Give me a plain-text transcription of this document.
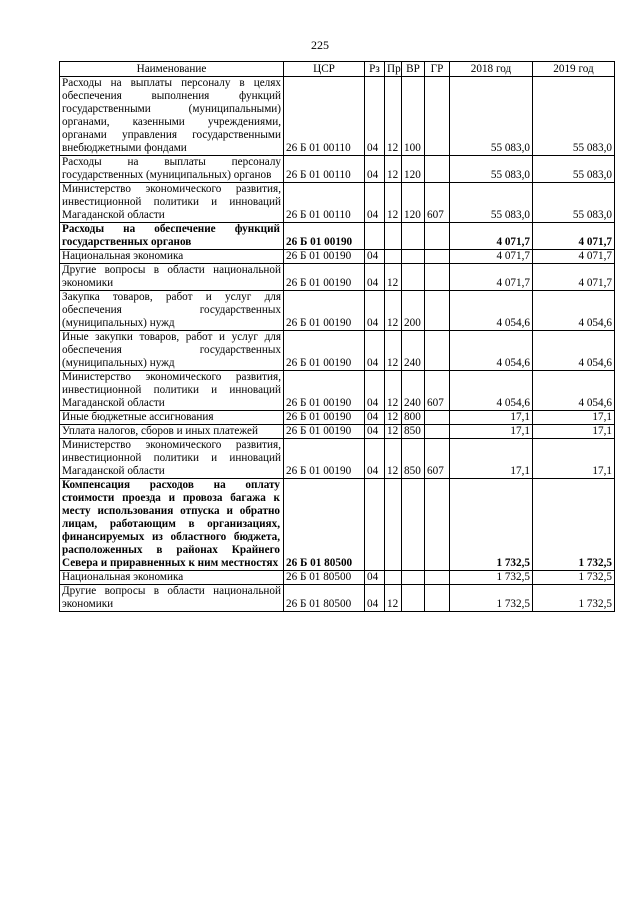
225
Наименование	ЦСР	Рз	Пр	ВР	ГР	2018 год	2019 год
Расходы на выплаты персоналу в целях обеспечения выполнения функций государственными (муниципальными) органами, казенными учреждениями, органами управления государственными внебюджетными фондами	26 Б 01 00110	04	12	100		55 083,0	55 083,0
Расходы на выплаты персоналу государственных (муниципальных) органов	26 Б 01 00110	04	12	120		55 083,0	55 083,0
Министерство экономического развития, инвестиционной политики и инноваций Магаданской области	26 Б 01 00110	04	12	120	607	55 083,0	55 083,0
Расходы на обеспечение функций государственных органов	26 Б 01 00190					4 071,7	4 071,7
Национальная экономика	26 Б 01 00190	04				4 071,7	4 071,7
Другие вопросы в области национальной экономики	26 Б 01 00190	04	12			4 071,7	4 071,7
Закупка товаров, работ и услуг для обеспечения государственных (муниципальных) нужд	26 Б 01 00190	04	12	200		4 054,6	4 054,6
Иные закупки товаров, работ и услуг для обеспечения государственных (муниципальных) нужд	26 Б 01 00190	04	12	240		4 054,6	4 054,6
Министерство экономического развития, инвестиционной политики и инноваций Магаданской области	26 Б 01 00190	04	12	240	607	4 054,6	4 054,6
Иные бюджетные ассигнования	26 Б 01 00190	04	12	800		17,1	17,1
Уплата налогов, сборов и иных платежей	26 Б 01 00190	04	12	850		17,1	17,1
Министерство экономического развития, инвестиционной политики и инноваций Магаданской области	26 Б 01 00190	04	12	850	607	17,1	17,1
Компенсация расходов на оплату стоимости проезда и провоза багажа к месту использования отпуска и обратно лицам, работающим в организациях, финансируемых из областного бюджета, расположенных в районах Крайнего Севера и приравненных к ним местностях	26 Б 01 80500					1 732,5	1 732,5
Национальная экономика	26 Б 01 80500	04				1 732,5	1 732,5
Другие вопросы в области национальной экономики	26 Б 01 80500	04	12			1 732,5	1 732,5
